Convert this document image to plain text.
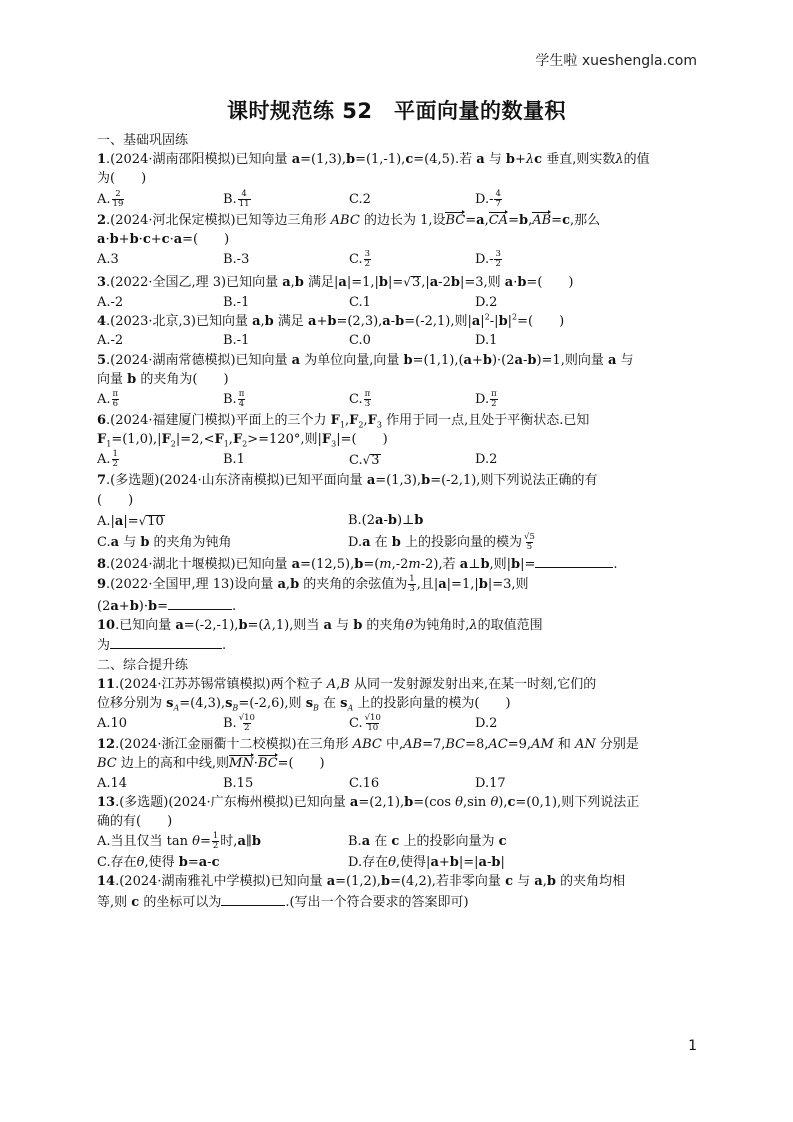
学生啦 xueshengla.com
课时规范练 52　平面向量的数量积
一、基础巩固练
1.(2024·湖南邵阳模拟)已知向量 a=(1,3),b=(1,-1),c=(4,5).若 a 与 b+λc 垂直,则实数λ的值
为(　　)
A. $\frac{2}{19}$	B. $\frac{4}{11}$	C.2	$D.- \frac{4}{7}$
2.(2024·河北保定模拟)已知等边三角形 ABC 的边长为 1,设BC=a,CA=b,AB=c,那么
a·b+b·c+c·a=(　　)
A.3	B.-3	C. $\frac{3}{2}$	$D.- \frac{3}{2}$
3.(2022·全国乙,理 3)已知向量 a,b 满足|a|=1,|b|=√3,|a-2b|=3,则 a·b=(　　)
A.-2	B.-1	C.1	D.2
4.(2023·北京,3)已知向量 a,b 满足 a+b=(2,3),a-b=(-2,1),则$|a|^2-|b|^2=$(　　)
A.-2	B.-1	C.0	D.1
5.(2024·湖南常德模拟)已知向量 a 为单位向量,向量 b=(1,1),(a+b)·(2a-b)=1,则向量 a 与
向量 b 的夹角为(　　)
A. $\frac{\pi}{6}$	B. $\frac{\pi}{4}$	C. $\frac{\pi}{3}$	D. $\frac{\pi}{2}$
6.(2024·福建厦门模拟)平面上的三个力 $F_1,F_2,F_3$ 作用于同一点,且处于平衡状态.已知
$F_1=(1,0),|F_2|=2,<F_1,F_2>=120^\circ$,则$|F_3|=$(　　)
A. $\frac{1}{2}$	B.1	C.√3	D.2
7.(多选题)(2024·山东济南模拟)已知平面向量 a=(1,3),b=(-2,1),则下列说法正确的有
(　　)
A.|a|=√10	B.(2a-b)⊥b
C.a 与 b 的夹角为钝角	D.a 在 b 上的投影向量的模为 $\frac{√5}{5}$
8.(2024·湖北十堰模拟)已知向量 a=(12,5),b=(m,-2m-2),若 a⊥b,则|b|=	.
9.(2022·全国甲,理 13)设向量 a,b 的夹角的余弦值为 $\frac{1}{3}$ ,且|a|=1,|b|=3,则
(2a+b)·b=	.
10.已知向量 a=(-2,-1),b=(λ,1),则当 a 与 b 的夹角θ为钝角时,λ的取值范围
为	.
二、综合提升练
11.(2024·江苏苏锡常镇模拟)两个粒子 A,B 从同一发射源发射出来,在某一时刻,它们的
位移分别为 $s_A=(4,3),s_B=(-2,6)$,则 $s_B$ 在 $s_A$ 上的投影向量的模为(　　)
A.10	B. $\frac{√10}{2}$	C. $\frac{√10}{10}$	D.2
12.(2024·浙江金丽衢十二校模拟)在三角形 ABC 中,AB=7,BC=8,AC=9,AM 和 AN 分别是
BC 边上的高和中线,则MN·BC=(　　)
A.14	B.15	C.16	D.17
13.(多选题)(2024·广东梅州模拟)已知向量 a=(2,1),b=(cos θ,sin θ),c=(0,1),则下列说法正
确的有(　　)
A.当且仅当 $\tan \theta= \frac{1}{2}$ 时,a∥b	B.a 在 c 上的投影向量为 c
C.存在θ,使得 b=a-c	D.存在θ,使得|a+b|=|a-b|
14.(2024·湖南雅礼中学模拟)已知向量 a=(1,2),b=(4,2),若非零向量 c 与 a,b 的夹角均相
等,则 c 的坐标可以为	.(写出一个符合要求的答案即可)
1
